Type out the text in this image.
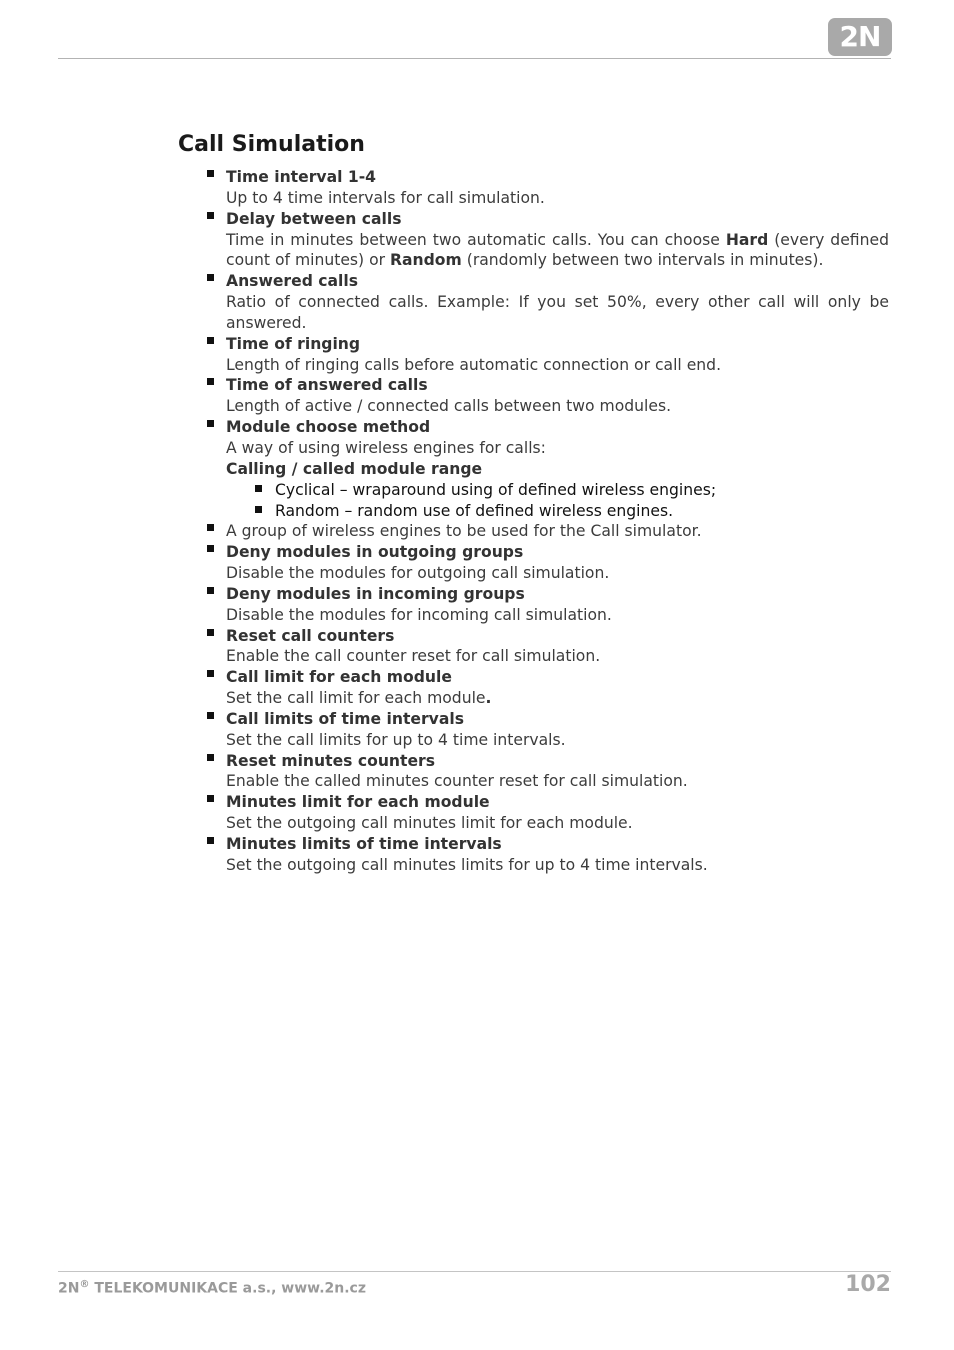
2N
Call Simulation
Time interval 1-4
Up to 4 time intervals for call simulation.
Delay between calls
Time in minutes between two automatic calls. You can choose Hard (every defined count of minutes) or Random (randomly between two intervals in minutes).
Answered calls
Ratio of connected calls. Example: If you set 50%, every other call will only be answered.
Time of ringing
Length of ringing calls before automatic connection or call end.
Time of answered calls
Length of active / connected calls between two modules.
Module choose method
A way of using wireless engines for calls:
Calling / called module range
Cyclical – wraparound using of defined wireless engines;
Random – random use of defined wireless engines.
A group of wireless engines to be used for the Call simulator.
Deny modules in outgoing groups
Disable the modules for outgoing call simulation.
Deny modules in incoming groups
Disable the modules for incoming call simulation.
Reset call counters
Enable the call counter reset for call simulation.
Call limit for each module
Set the call limit for each module.
Call limits of time intervals
Set the call limits for up to 4 time intervals.
Reset minutes counters
Enable the called minutes counter reset for call simulation.
Minutes limit for each module
Set the outgoing call minutes limit for each module.
Minutes limits of time intervals
Set the outgoing call minutes limits for up to 4 time intervals.
2N® TELEKOMUNIKACE a.s., www.2n.cz	102
